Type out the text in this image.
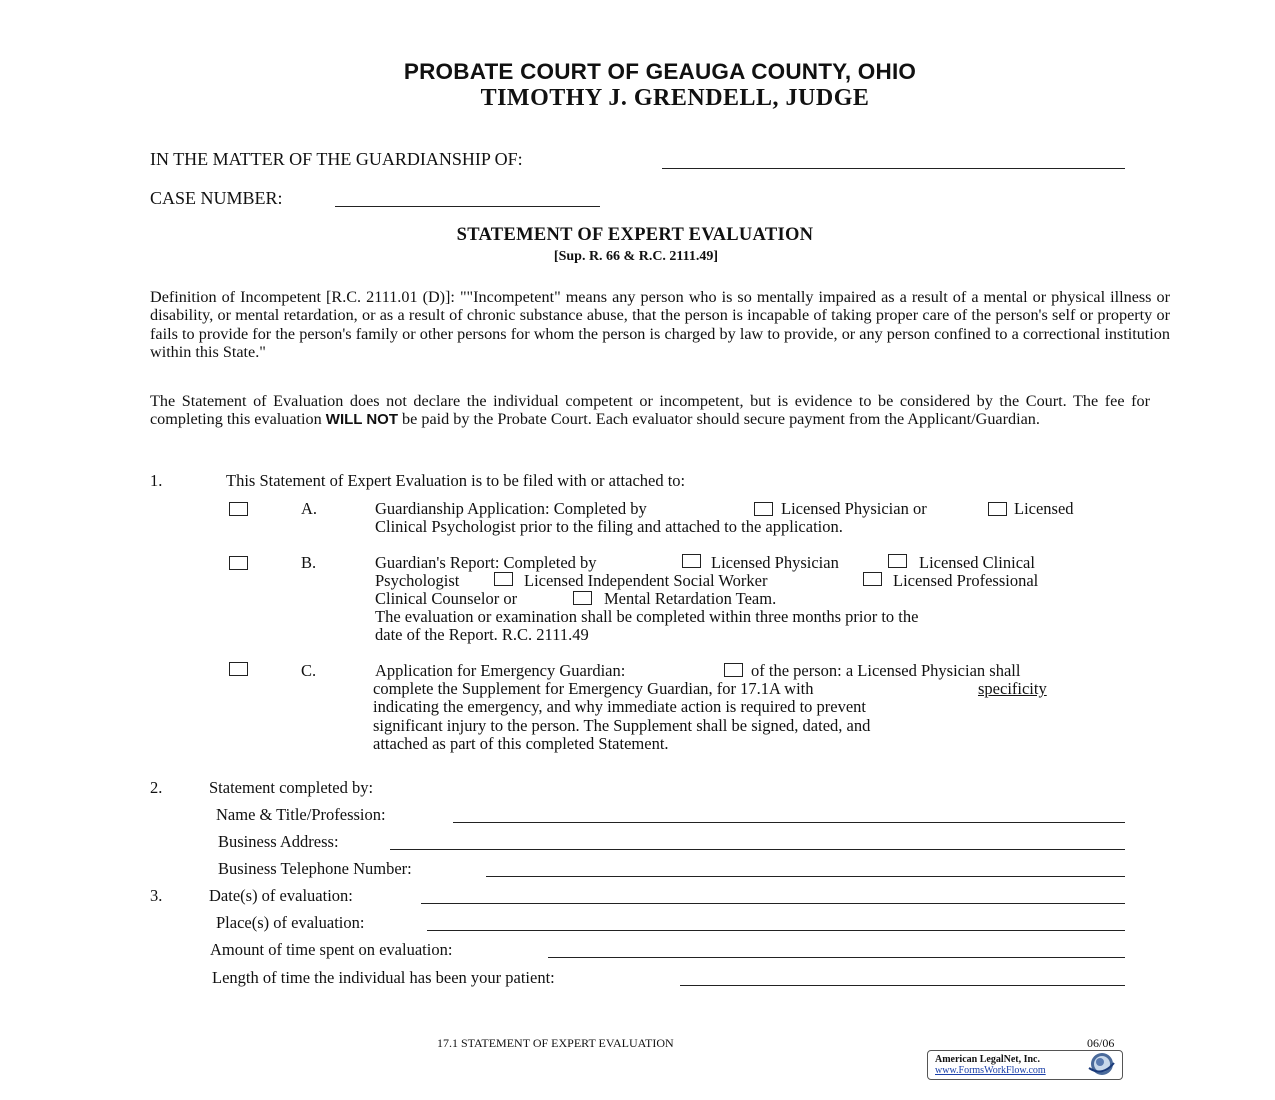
PROBATE COURT OF GEAUGA COUNTY, OHIO
TIMOTHY J. GRENDELL, JUDGE
IN THE MATTER OF THE GUARDIANSHIP OF:
CASE NUMBER:
STATEMENT OF EXPERT EVALUATION
[Sup. R. 66 & R.C. 2111.49]
Definition of Incompetent [R.C. 2111.01 (D)]: ""Incompetent" means any person who is so mentally impaired as a result of a mental or physical illness or disability, or mental retardation, or as a result of chronic substance abuse, that the person is incapable of taking proper care of the person's self or property or fails to provide for the person's family or other persons for whom the person is charged by law to provide, or any person confined to a correctional institution within this State."
The Statement of Evaluation does not declare the individual competent or incompetent, but is evidence to be considered by the Court. The fee for completing this evaluation WILL NOT be paid by the Probate Court. Each evaluator should secure payment from the Applicant/Guardian.
1.	This Statement of Expert Evaluation is to be filed with or attached to:
A.	Guardianship Application: Completed by	Licensed Physician or	Licensed
Clinical Psychologist prior to the filing and attached to the application.
B.	Guardian's Report: Completed by	Licensed Physician	Licensed Clinical
Psychologist	Licensed Independent Social Worker	Licensed Professional
Clinical Counselor or	Mental Retardation Team.
The evaluation or examination shall be completed within three months prior to the
date of the Report. R.C. 2111.49
C.	Application for Emergency Guardian:	of the person: a Licensed Physician shall
complete the Supplement for Emergency Guardian, for 17.1A with	specificity
indicating the emergency, and why immediate action is required to prevent
significant injury to the person. The Supplement shall be signed, dated, and
attached as part of this completed Statement.
2.	Statement completed by:
Name & Title/Profession:
Business Address:
Business Telephone Number:
3.	Date(s) of evaluation:
Place(s) of evaluation:
Amount of time spent on evaluation:
Length of time the individual has been your patient:
17.1 STATEMENT OF EXPERT EVALUATION	06/06
American LegalNet, Inc.
www.FormsWorkFlow.com
